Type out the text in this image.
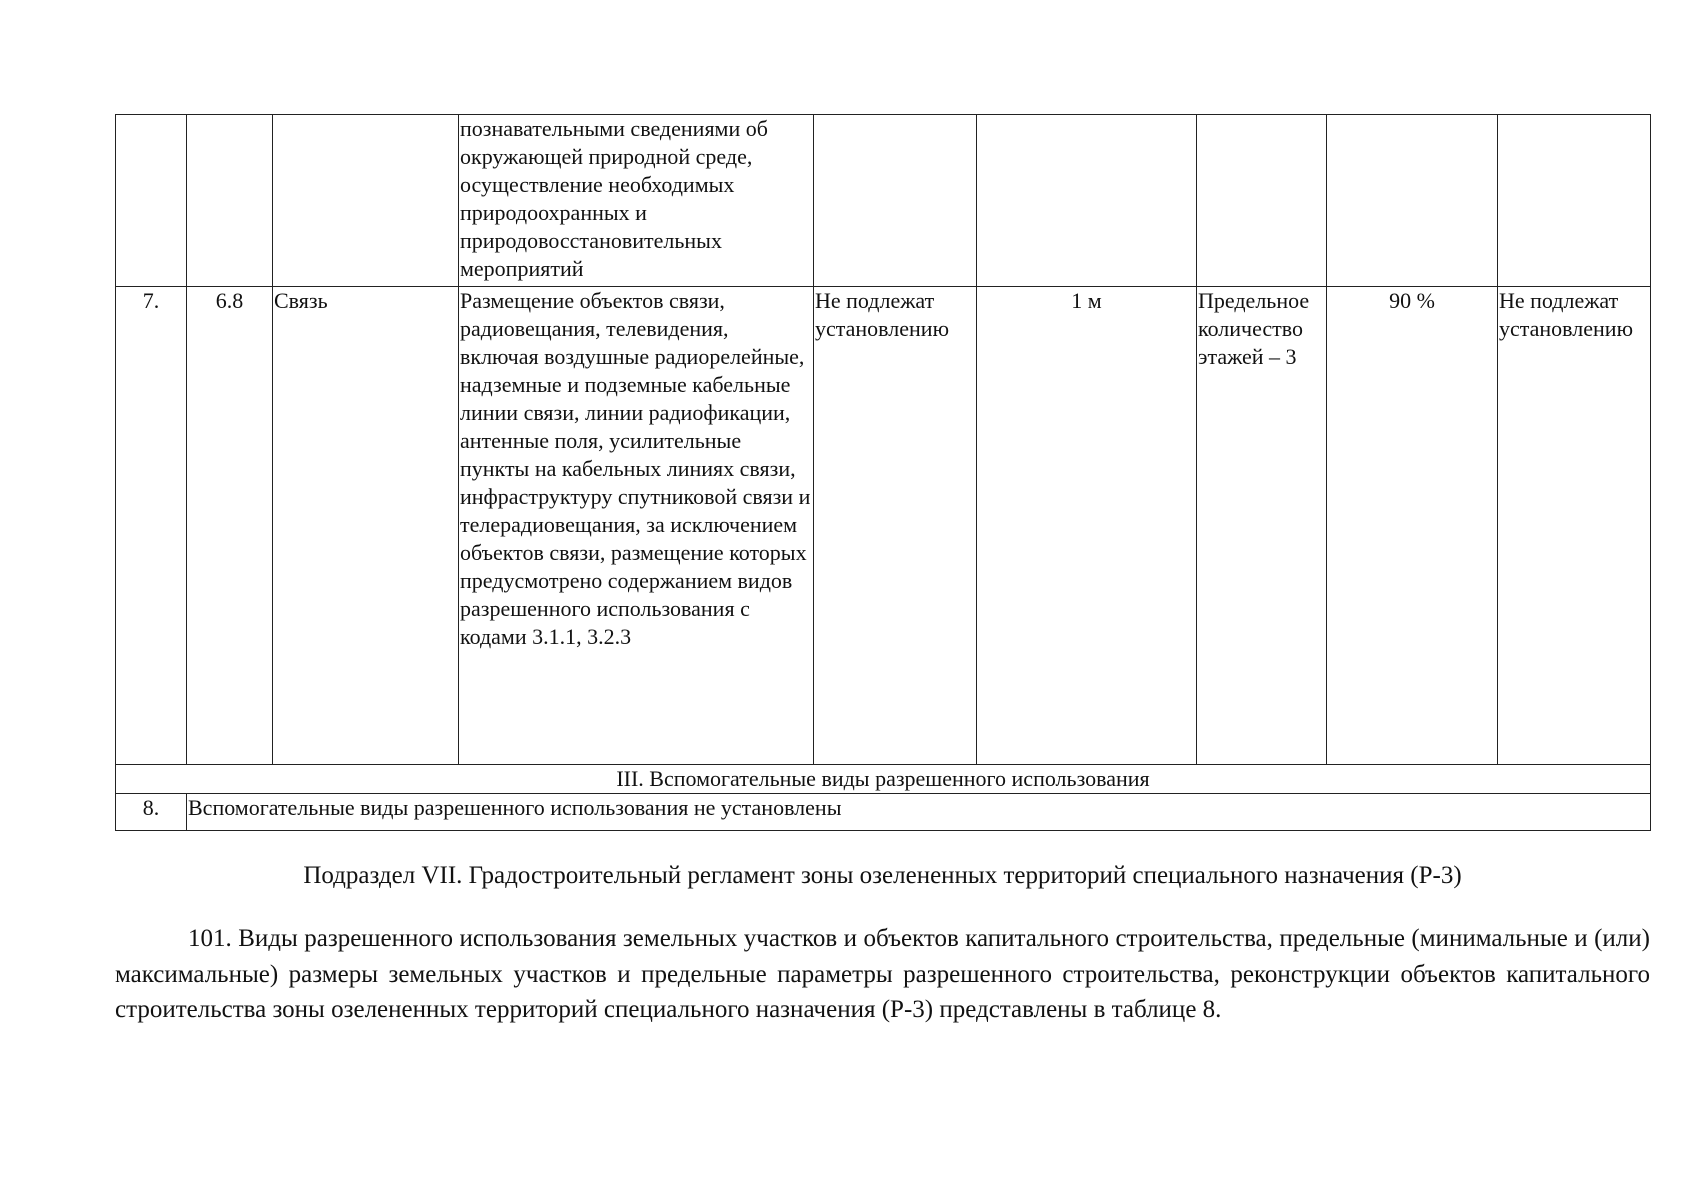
			познавательными сведениями об окружающей природной среде, осуществление необходимых природоохранных и природовосстановительных мероприятий					
7.	6.8	Связь	Размещение объектов связи, радиовещания, телевидения, включая воздушные радиорелейные, надземные и подземные кабельные линии связи, линии радиофикации, антенные поля, усилительные пункты на кабельных линиях связи, инфраструктуру спутниковой связи и телерадиовещания, за исключением объектов связи, размещение которых предусмотрено содержанием видов разрешенного использования с кодами 3.1.1, 3.2.3	Не подлежат установлению	1 м	Предельное количество этажей – 3	90 %	Не подлежат установлению
III. Вспомогательные виды разрешенного использования								
8.	Вспомогательные виды разрешенного использования не установлены							
Подраздел VII. Градостроительный регламент зоны озелененных территорий специального назначения (Р-3)

101. Виды разрешенного использования земельных участков и объектов капитального строительства, предельные (минимальные и (или) максимальные) размеры земельных участков и предельные параметры разрешенного строительства, реконструкции объектов капитального строительства зоны озелененных территорий специального назначения (Р-3) представлены в таблице 8.
